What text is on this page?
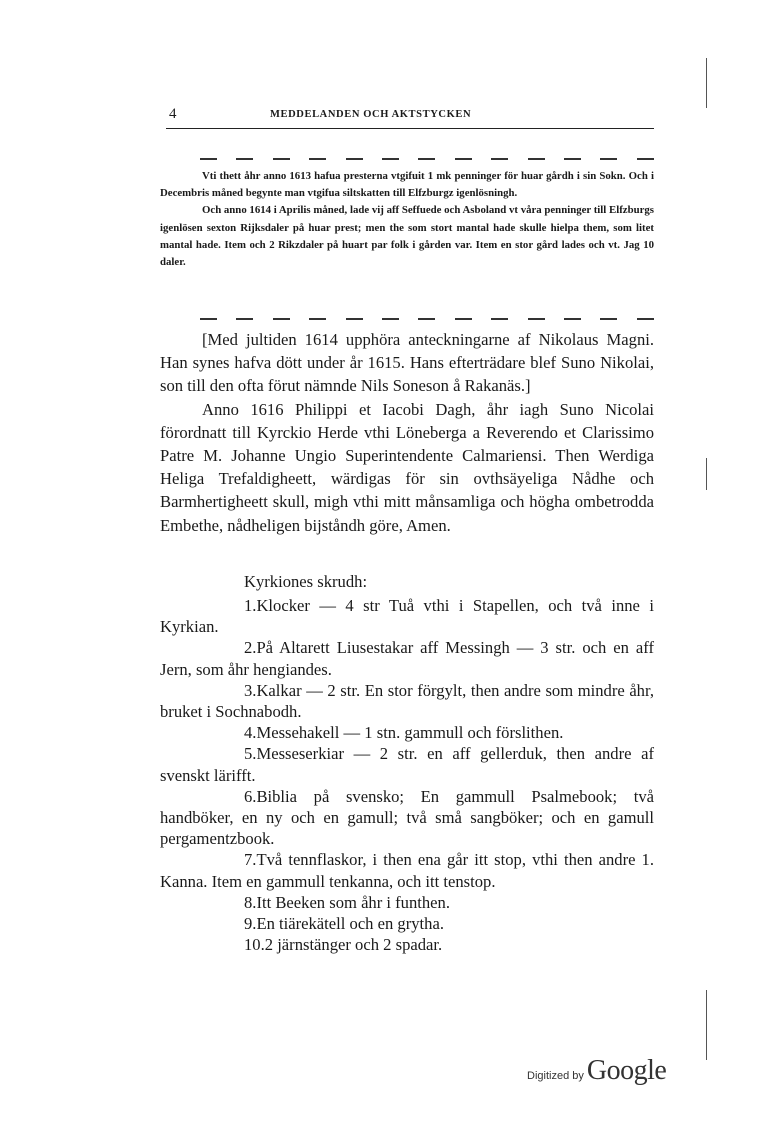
4	MEDDELANDEN OCH AKTSTYCKEN

Vti thett åhr anno 1613 hafua presterna vtgifuit 1 mk penninger för huar gårdh i sin Sokn. Och i Decembris måned begynte man vtgifua siltskatten till Elfzburgz igenlösningh.

Och anno 1614 i Aprilis måned, lade vij aff Seffuede och Asboland vt våra penninger till Elfzburgs igenlösen sexton Rijksdaler på huar prest; men the som stort mantal hade skulle hielpa them, som litet mantal hade. Item och 2 Rikzdaler på huart par folk i gården var. Item en stor gård lades och vt. Jag 10 daler.

[Med jultiden 1614 upphöra anteckningarne af Nikolaus Magni. Han synes hafva dött under år 1615. Hans efterträdare blef Suno Nikolai, son till den ofta förut nämnde Nils Soneson å Rakanäs.]

Anno 1616 Philippi et Iacobi Dagh, åhr iagh Suno Nicolai förordnatt till Kyrckio Herde vthi Löneberga a Reverendo et Clarissimo Patre M. Johanne Ungio Superintendente Calmariensi. Then Werdiga Heliga Trefaldigheett, wärdigas för sin ovthsäyeliga Nådhe och Barmhertigheett skull, migh vthi mitt månsamliga och högha ombetrodda Embethe, nådheligen bijståndh göre, Amen.

Kyrkiones skrudh:
1.Klocker — 4 str Tuå vthi i Stapellen, och två inne i Kyrkian.
2.På Altarett Liusestakar aff Messingh — 3 str. och en aff Jern, som åhr hengiandes.
3.Kalkar — 2 str. En stor förgylt, then andre som mindre åhr, bruket i Sochnabodh.
4.Messehakell — 1 stn. gammull och förslithen.
5.Messeserkiar — 2 str. en aff gellerduk, then andre af svenskt lärifft.
6.Biblia på svensko; En gammull Psalmebook; två handböker, en ny och en gamull; två små sangböker; och en gamull pergamentzbook.
7.Två tennflaskor, i then ena går itt stop, vthi then andre 1. Kanna. Item en gammull tenkanna, och itt tenstop.
8.Itt Beeken som åhr i funthen.
9.En tiärekätell och en grytha.
10.2 järnstänger och 2 spadar.
Digitized by Google
